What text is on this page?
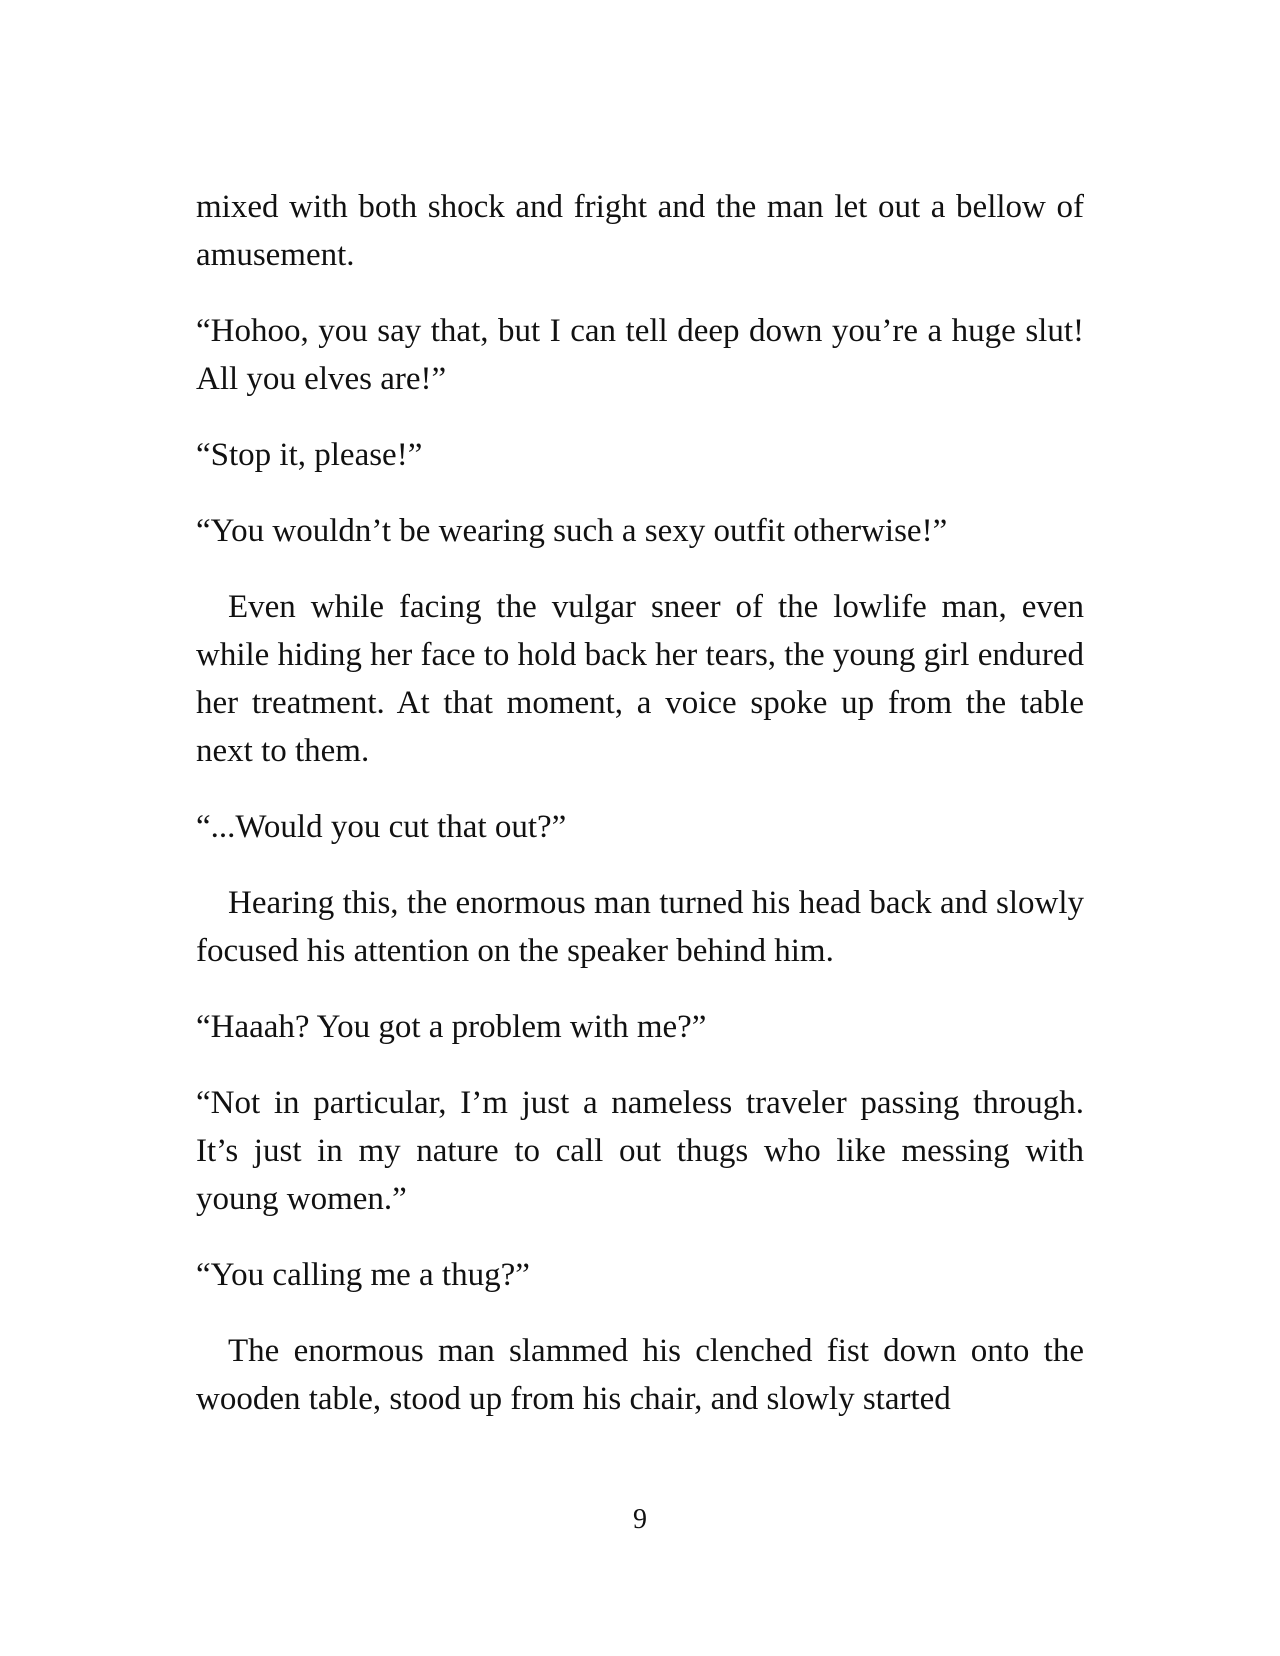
mixed with both shock and fright and the man let out a bellow of amusement.

“Hohoo, you say that, but I can tell deep down you’re a huge slut! All you elves are!”

“Stop it, please!”

“You wouldn’t be wearing such a sexy outfit otherwise!”

Even while facing the vulgar sneer of the lowlife man, even while hiding her face to hold back her tears, the young girl endured her treatment. At that moment, a voice spoke up from the table next to them.

“...Would you cut that out?”

Hearing this, the enormous man turned his head back and slowly focused his attention on the speaker behind him.

“Haaah? You got a problem with me?”

“Not in particular, I’m just a nameless traveler passing through. It’s just in my nature to call out thugs who like messing with young women.”

“You calling me a thug?”

The enormous man slammed his clenched fist down onto the wooden table, stood up from his chair, and slowly started

9
